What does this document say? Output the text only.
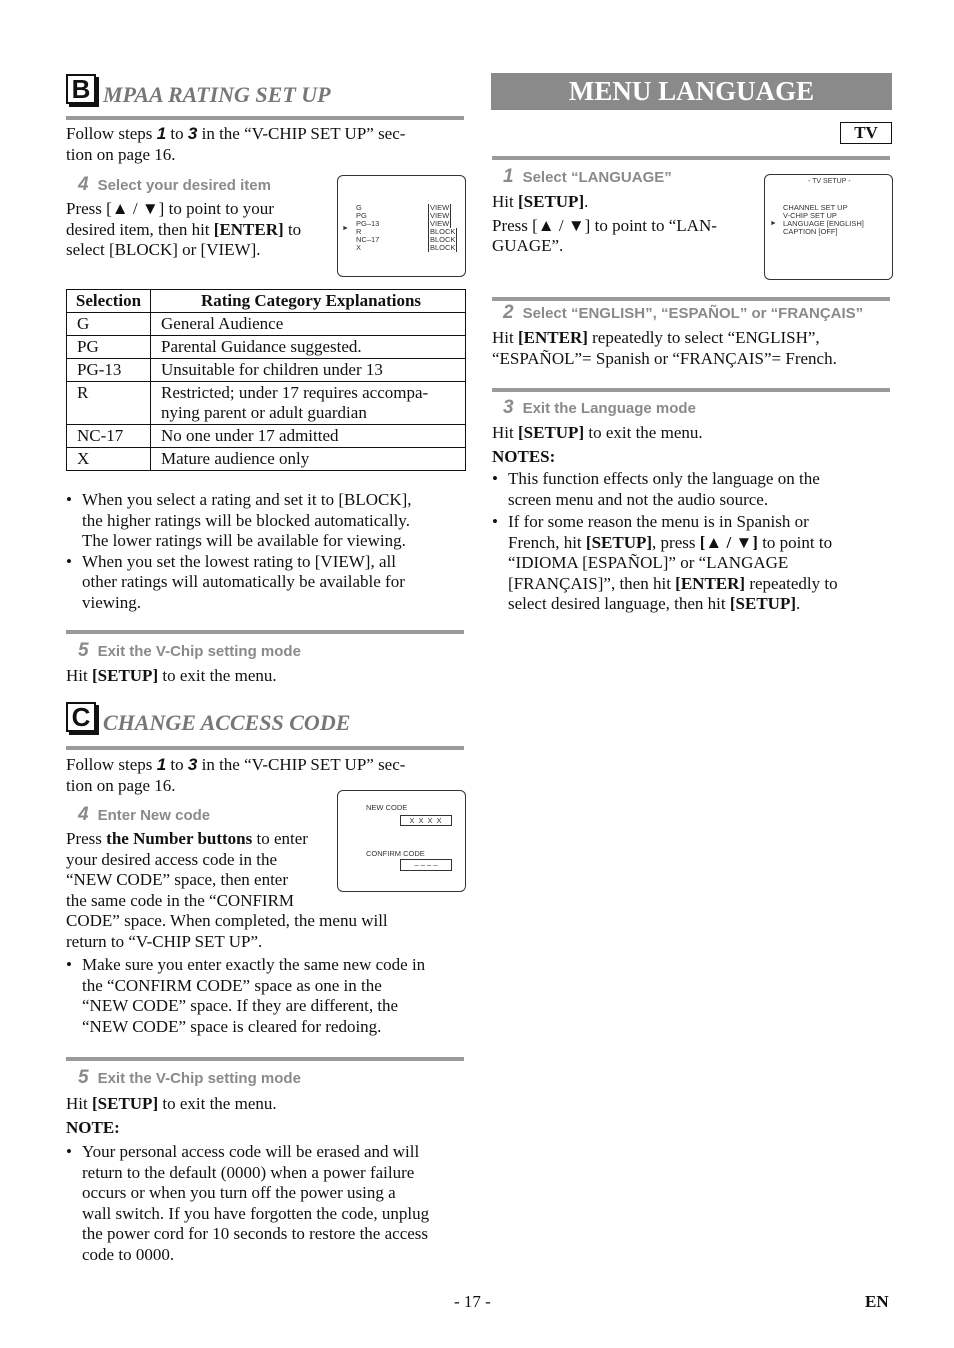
B MPAA RATING SET UP
Follow steps 1 to 3 in the “V-CHIP SET UP” sec-
tion on page 16.
4 Select your desired item
Press [▲ / ▼] to point to your
desired item, then hit [ENTER] to
select [BLOCK] or [VIEW].
►
G	VIEW
PG	VIEW
PG–13	VIEW
R	BLOCK
NC–17	BLOCK
X	BLOCK
Selection	Rating Category Explanations
G	General Audience
PG	Parental Guidance suggested.
PG-13	Unsuitable for children under 13
R	Restricted; under 17 requires accompa-
nying parent or adult guardian

NC-17	No one under 17 admitted
X	Mature audience only
• When you select a rating and set it to [BLOCK],
the higher ratings will be blocked automatically.
The lower ratings will be available for viewing.
• When you set the lowest rating to [VIEW], all
other ratings will automatically be available for
viewing.
5 Exit the V-Chip setting mode
Hit [SETUP] to exit the menu.
C CHANGE ACCESS CODE
Follow steps 1 to 3 in the “V-CHIP SET UP” sec-
tion on page 16.
4 Enter New code
Press the Number buttons to enter
your desired access code in the
“NEW CODE” space, then enter
the same code in the “CONFIRM
CODE” space. When completed, the menu will
return to “V-CHIP SET UP”.
NEW CODE
X X X X
CONFIRM CODE
– – – –
• Make sure you enter exactly the same new code in
the “CONFIRM CODE” space as one in the
“NEW CODE” space. If they are different, the
“NEW CODE” space is cleared for redoing.
5 Exit the V-Chip setting mode
Hit [SETUP] to exit the menu.
NOTE:
• Your personal access code will be erased and will
return to the default (0000) when a power failure
occurs or when you turn off the power using a
wall switch. If you have forgotten the code, unplug
the power cord for 10 seconds to restore the access
code to 0000.
MENU LANGUAGE
TV
1 Select “LANGUAGE”
Hit [SETUP].
Press [▲ / ▼] to point to “LAN-
GUAGE”.
- TV SETUP -
CHANNEL SET UP
V-CHIP SET UP
► LANGUAGE [ENGLISH]
CAPTION [OFF]
2 Select “ENGLISH”, “ESPAÑOL” or “FRANÇAIS”
Hit [ENTER] repeatedly to select “ENGLISH”,
“ESPAÑOL”= Spanish or “FRANÇAIS”= French.
3 Exit the Language mode
Hit [SETUP] to exit the menu.
NOTES:
• This function effects only the language on the
screen menu and not the audio source.
• If for some reason the menu is in Spanish or
French, hit [SETUP], press [▲ / ▼] to point to
“IDIOMA [ESPAÑOL]” or “LANGAGE
[FRANÇAIS]”, then hit [ENTER] repeatedly to
select desired language, then hit [SETUP].
- 17 -	EN
